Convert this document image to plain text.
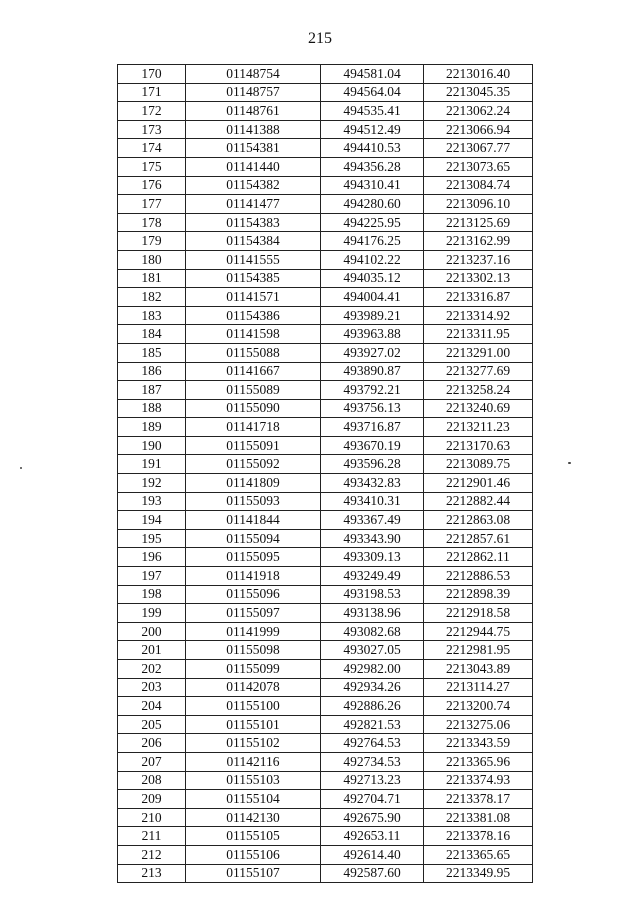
215
170	01148754	494581.04	2213016.40
171	01148757	494564.04	2213045.35
172	01148761	494535.41	2213062.24
173	01141388	494512.49	2213066.94
174	01154381	494410.53	2213067.77
175	01141440	494356.28	2213073.65
176	01154382	494310.41	2213084.74
177	01141477	494280.60	2213096.10
178	01154383	494225.95	2213125.69
179	01154384	494176.25	2213162.99
180	01141555	494102.22	2213237.16
181	01154385	494035.12	2213302.13
182	01141571	494004.41	2213316.87
183	01154386	493989.21	2213314.92
184	01141598	493963.88	2213311.95
185	01155088	493927.02	2213291.00
186	01141667	493890.87	2213277.69
187	01155089	493792.21	2213258.24
188	01155090	493756.13	2213240.69
189	01141718	493716.87	2213211.23
190	01155091	493670.19	2213170.63
191	01155092	493596.28	2213089.75
192	01141809	493432.83	2212901.46
193	01155093	493410.31	2212882.44
194	01141844	493367.49	2212863.08
195	01155094	493343.90	2212857.61
196	01155095	493309.13	2212862.11
197	01141918	493249.49	2212886.53
198	01155096	493198.53	2212898.39
199	01155097	493138.96	2212918.58
200	01141999	493082.68	2212944.75
201	01155098	493027.05	2212981.95
202	01155099	492982.00	2213043.89
203	01142078	492934.26	2213114.27
204	01155100	492886.26	2213200.74
205	01155101	492821.53	2213275.06
206	01155102	492764.53	2213343.59
207	01142116	492734.53	2213365.96
208	01155103	492713.23	2213374.93
209	01155104	492704.71	2213378.17
210	01142130	492675.90	2213381.08
211	01155105	492653.11	2213378.16
212	01155106	492614.40	2213365.65
213	01155107	492587.60	2213349.95
